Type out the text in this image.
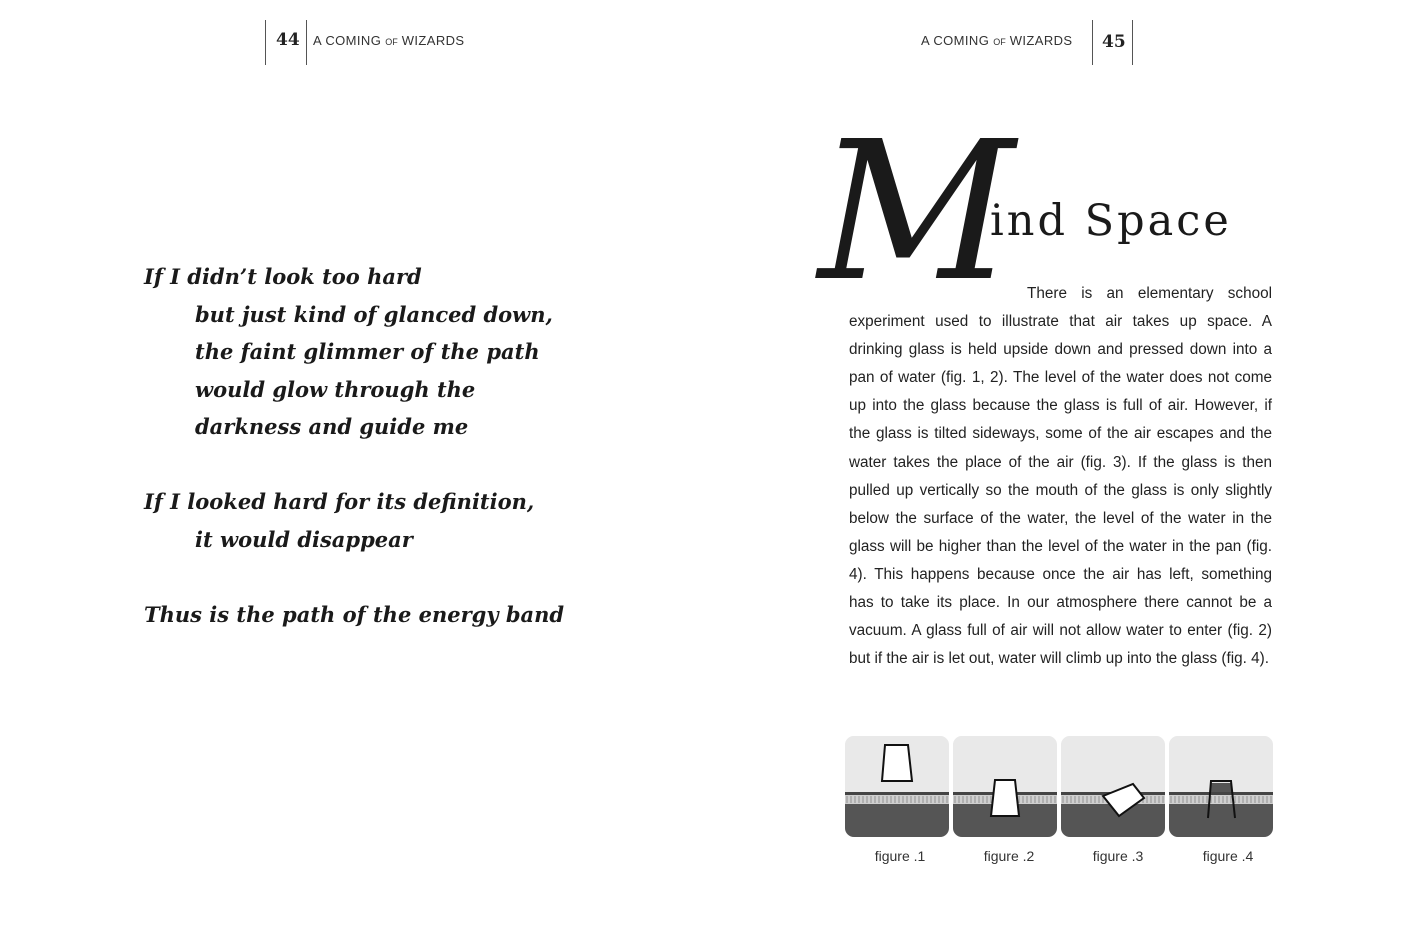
44 A COMING OF WIZARDS	A COMING OF WIZARDS 45
If I didn’t look too hard
but just kind of glanced down,
the faint glimmer of the path
would glow through the
darkness and guide me
If I looked hard for its definition,
it would disappear
Thus is the path of the energy band
M
ind Space
There is an elementary school
experiment used to illustrate that air takes up space. A
drinking glass is held upside down and pressed down into a
pan of water (fig. 1, 2). The level of the water does not come
up into the glass because the glass is full of air. However, if
the glass is tilted sideways, some of the air escapes and the
water takes the place of the air (fig. 3). If the glass is then
pulled up vertically so the mouth of the glass is only slightly
below the surface of the water, the level of the water in the
glass will be higher than the level of the water in the pan (fig.
4). This happens because once the air has left, something
has to take its place. In our atmosphere there cannot be a
vacuum. A glass full of air will not allow water to enter (fig. 2)
but if the air is let out, water will climb up into the glass (fig. 4).
figure .1	figure .2	figure .3	figure .4
